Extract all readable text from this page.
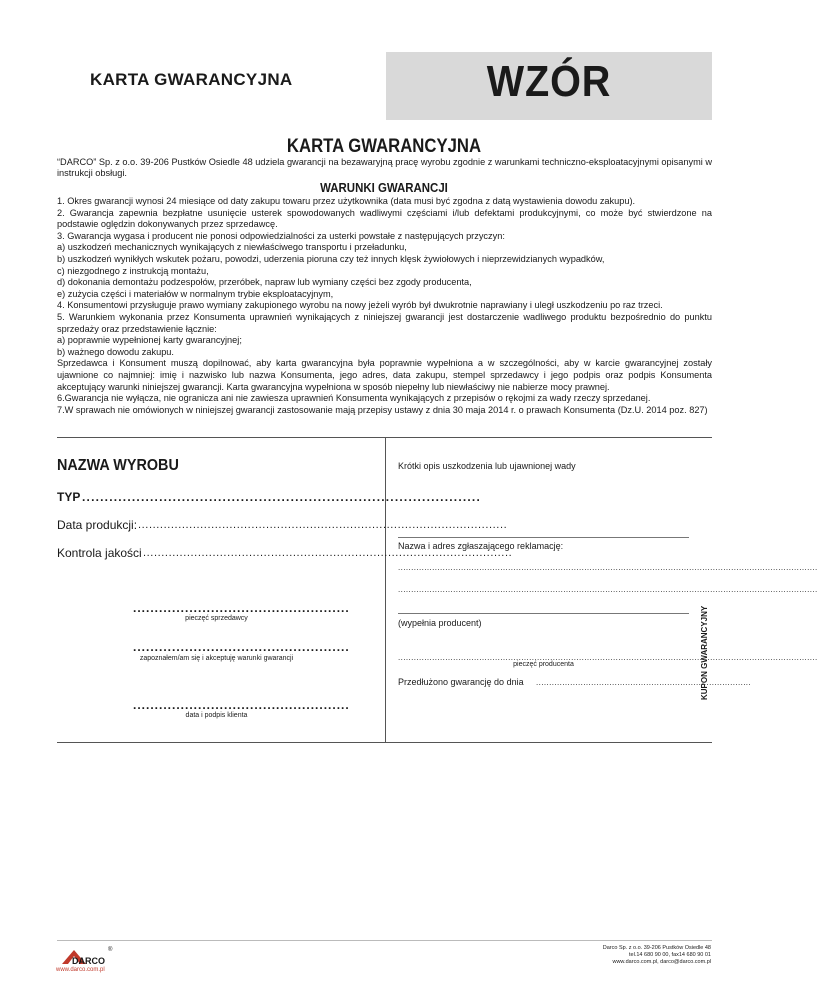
KARTA GWARANCYJNA	WZÓR
KARTA GWARANCYJNA
“DARCO” Sp. z o.o. 39-206 Pustków Osiedle 48 udziela gwarancji na bezawaryjną pracę wyrobu zgodnie z warunkami techniczno-eksploatacyjnymi opisanymi w instrukcji obsługi.
WARUNKI GWARANCJI
1. Okres gwarancji wynosi 24 miesiące od daty zakupu towaru przez użytkownika (data musi być zgodna z datą wystawienia dowodu zakupu).
2. Gwarancja zapewnia bezpłatne usunięcie usterek spowodowanych wadliwymi częściami i/lub defektami produkcyjnymi, co może być stwierdzone na podstawie oględzin dokonywanych przez sprzedawcę.
3. Gwarancja wygasa i producent nie ponosi odpowiedzialności za usterki powstałe z następujących przyczyn:
a) uszkodzeń mechanicznych wynikających z niewłaściwego transportu i przeładunku,
b) uszkodzeń wynikłych wskutek pożaru, powodzi, uderzenia pioruna czy też innych klęsk żywiołowych i nieprzewidzianych wypadków,
c) niezgodnego z instrukcją montażu,
d) dokonania demontażu podzespołów, przeróbek, napraw lub wymiany części bez zgody producenta,
e) zużycia części i materiałów w normalnym trybie eksploatacyjnym,
4. Konsumentowi przysługuje prawo wymiany zakupionego wyrobu na nowy jeżeli wyrób był dwukrotnie naprawiany i uległ uszkodzeniu po raz trzeci.
5. Warunkiem wykonania przez Konsumenta uprawnień wynikających z niniejszej gwarancji jest dostarczenie wadliwego produktu bezpośrednio do punktu sprzedaży oraz przedstawienie łącznie:
a) poprawnie wypełnionej karty gwarancyjnej;
b) ważnego dowodu zakupu.
Sprzedawca i Konsument muszą dopilnować, aby karta gwarancyjna była poprawnie wypełniona a w szczególności, aby w karcie gwarancyjnej zostały ujawnione co najmniej: imię i nazwisko lub nazwa Konsumenta, jego adres, data zakupu, stempel sprzedawcy i jego podpis oraz podpis Konsumenta akceptujący warunki niniejszej gwarancji. Karta gwarancyjna wypełniona w sposób niepełny lub niewłaściwy nie nabierze mocy prawnej.
6.Gwarancja nie wyłącza, nie ogranicza ani nie zawiesza uprawnień Konsumenta wynikających z przepisów o rękojmi za wady rzeczy sprzedanej.
7.W sprawach nie omówionych w niniejszej gwarancji zastosowanie mają przepisy ustawy z dnia 30 maja 2014 r. o prawach Konsumenta (Dz.U. 2014 poz. 827)
NAZWA WYROBU
TYP ........................................................................................
Data produkcji: .....................................................................................................
Kontrola jakości .....................................................................................................
..................................................
pieczęć sprzedawcy
..................................................
zapoznałem/am się i akceptuję warunki gwarancji
..................................................
data i podpis klienta
Krótki opis uszkodzenia lub ujawnionej wady
Nazwa i adres zgłaszającego reklamację:
................................................................................................................................................................
................................................................................................................................................................
(wypełnia producent)
................................................................................................................................................................
pieczęć producenta
Przedłużono gwarancję do dnia ..................................................................................
KUPON GWARANCYJNY
DARCO
®
www.darco.com.pl
Darco Sp. z o.o. 39-206 Pustków Osiedle 48
tel.14 680 90 00, fax14 680 90 01
www.darco.com.pl, darco@darco.com.pl
